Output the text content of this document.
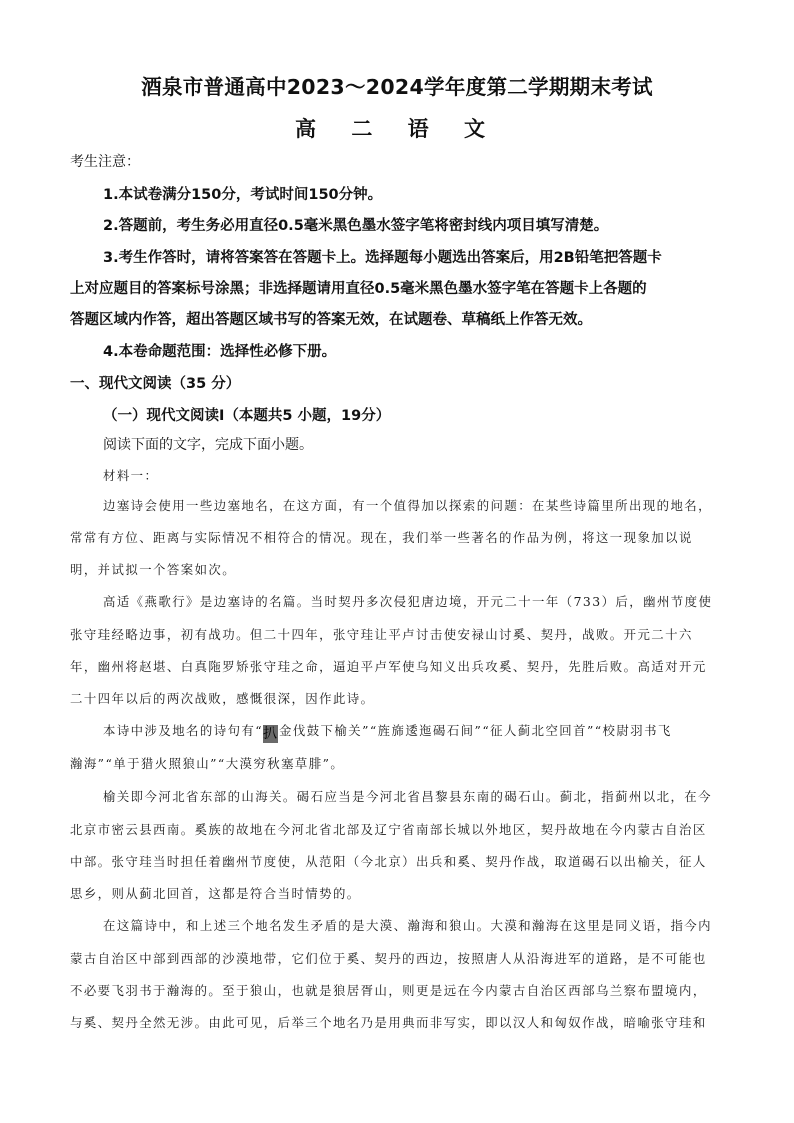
酒泉市普通高中2023～2024学年度第二学期期末考试
高 二 语 文
考生注意：
1.本试卷满分150分，考试时间150分钟。
2.答题前，考生务必用直径0.5毫米黑色墨水签字笔将密封线内项目填写清楚。
3.考生作答时，请将答案答在答题卡上。选择题每小题选出答案后，用2B铅笔把答题卡
上对应题目的答案标号涂黑；非选择题请用直径0.5毫米黑色墨水签字笔在答题卡上各题的
答题区域内作答，超出答题区域书写的答案无效，在试题卷、草稿纸上作答无效。
4.本卷命题范围：选择性必修下册。
一、现代文阅读（35 分）
（一）现代文阅读Ⅰ（本题共5 小题，19分）
阅读下面的文字，完成下面小题。
材料一：
边塞诗会使用一些边塞地名，在这方面，有一个值得加以探索的问题：在某些诗篇里所出现的地名，
常常有方位、距离与实际情况不相符合的情况。现在，我们举一些著名的作品为例，将这一现象加以说
明，并试拟一个答案如次。
高适《燕歌行》是边塞诗的名篇。当时契丹多次侵犯唐边境，开元二十一年（733）后，幽州节度使
张守珪经略边事，初有战功。但二十四年，张守珪让平卢讨击使安禄山讨奚、契丹，战败。开元二十六
年，幽州将赵堪、白真陁罗矫张守珪之命，逼迫平卢军使乌知义出兵攻奚、契丹，先胜后败。高适对开元
二十四年以后的两次战败，感慨很深，因作此诗。
本诗中涉及地名的诗句有“扒金伐鼓下榆关”“旌旆逶迤碣石间”“征人蓟北空回首”“校尉羽书飞
瀚海”“单于猎火照狼山”“大漠穷秋塞草腓”。
榆关即今河北省东部的山海关。碣石应当是今河北省昌黎县东南的碣石山。蓟北，指蓟州以北，在今
北京市密云县西南。奚族的故地在今河北省北部及辽宁省南部长城以外地区，契丹故地在今内蒙古自治区
中部。张守珪当时担任着幽州节度使，从范阳（今北京）出兵和奚、契丹作战，取道碣石以出榆关，征人
思乡，则从蓟北回首，这都是符合当时情势的。
在这篇诗中，和上述三个地名发生矛盾的是大漠、瀚海和狼山。大漠和瀚海在这里是同义语，指今内
蒙古自治区中部到西部的沙漠地带，它们位于奚、契丹的西边，按照唐人从沿海进军的道路，是不可能也
不必要飞羽书于瀚海的。至于狼山，也就是狼居胥山，则更是远在今内蒙古自治区西部乌兰察布盟境内，
与奚、契丹全然无涉。由此可见，后举三个地名乃是用典而非写实，即以汉人和匈奴作战，暗喻张守珪和
